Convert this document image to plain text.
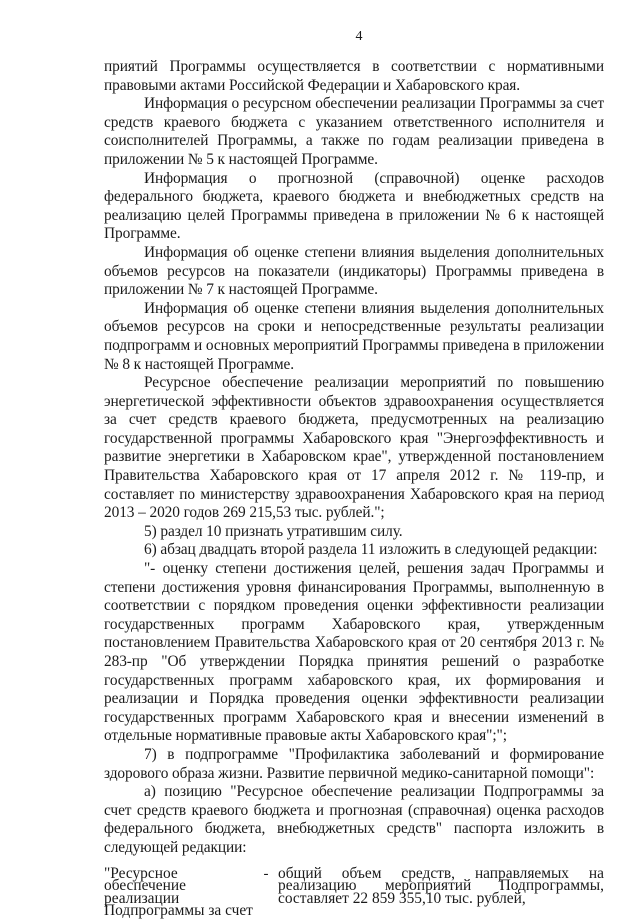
4

приятий Программы осуществляется в соответствии с нормативными правовыми актами Российской Федерации и Хабаровского края.

Информация о ресурсном обеспечении реализации Программы за счет средств краевого бюджета с указанием ответственного исполнителя и соисполнителей Программы, а также по годам реализации приведена в приложении № 5 к настоящей Программе.

Информация о прогнозной (справочной) оценке расходов федерального бюджета, краевого бюджета и внебюджетных средств на реализацию целей Программы приведена в приложении № 6 к настоящей Программе.

Информация об оценке степени влияния выделения дополнительных объемов ресурсов на показатели (индикаторы) Программы приведена в приложении № 7 к настоящей Программе.

Информация об оценке степени влияния выделения дополнительных объемов ресурсов на сроки и непосредственные результаты реализации подпрограмм и основных мероприятий Программы приведена в приложении № 8 к настоящей Программе.

Ресурсное обеспечение реализации мероприятий по повышению энергетической эффективности объектов здравоохранения осуществляется за счет средств краевого бюджета, предусмотренных на реализацию государственной программы Хабаровского края "Энергоэффективность и развитие энергетики в Хабаровском крае", утвержденной постановлением Правительства Хабаровского края от 17 апреля 2012 г. № 119-пр, и составляет по министерству здравоохранения Хабаровского края на период 2013 – 2020 годов 269 215,53 тыс. рублей.";

5) раздел 10 признать утратившим силу.

6) абзац двадцать второй раздела 11 изложить в следующей редакции:

"- оценку степени достижения целей, решения задач Программы и степени достижения уровня финансирования Программы, выполненную в соответствии с порядком проведения оценки эффективности реализации государственных программ Хабаровского края, утвержденным постановлением Правительства Хабаровского края от 20 сентября 2013 г. № 283-пр "Об утверждении Порядка принятия решений о разработке государственных программ хабаровского края, их формирования и реализации и Порядка проведения оценки эффективности реализации государственных программ Хабаровского края и внесении изменений в отдельные нормативные правовые акты Хабаровского края";";

7) в подпрограмме "Профилактика заболеваний и формирование здорового образа жизни. Развитие первичной медико-санитарной помощи":

а) позицию "Ресурсное обеспечение реализации Подпрограммы за счет средств краевого бюджета и прогнозная (справочная) оценка расходов федерального бюджета, внебюджетных средств" паспорта изложить в следующей редакции:

"Ресурсное обеспечение реализации Подпрограммы за счет
- общий объем средств, направляемых на реализацию мероприятий Подпрограммы, составляет 22 859 355,10 тыс. рублей,
